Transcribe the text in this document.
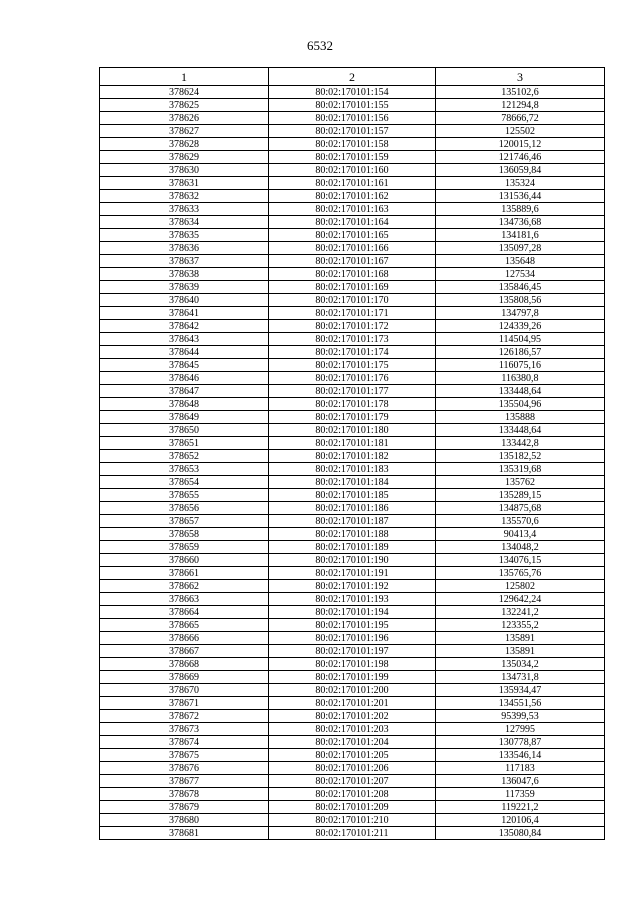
6532
1	2	3
378624	80:02:170101:154	135102,6
378625	80:02:170101:155	121294,8
378626	80:02:170101:156	78666,72
378627	80:02:170101:157	125502
378628	80:02:170101:158	120015,12
378629	80:02:170101:159	121746,46
378630	80:02:170101:160	136059,84
378631	80:02:170101:161	135324
378632	80:02:170101:162	131536,44
378633	80:02:170101:163	135889,6
378634	80:02:170101:164	134736,68
378635	80:02:170101:165	134181,6
378636	80:02:170101:166	135097,28
378637	80:02:170101:167	135648
378638	80:02:170101:168	127534
378639	80:02:170101:169	135846,45
378640	80:02:170101:170	135808,56
378641	80:02:170101:171	134797,8
378642	80:02:170101:172	124339,26
378643	80:02:170101:173	114504,95
378644	80:02:170101:174	126186,57
378645	80:02:170101:175	116075,16
378646	80:02:170101:176	116380,8
378647	80:02:170101:177	133448,64
378648	80:02:170101:178	135504,96
378649	80:02:170101:179	135888
378650	80:02:170101:180	133448,64
378651	80:02:170101:181	133442,8
378652	80:02:170101:182	135182,52
378653	80:02:170101:183	135319,68
378654	80:02:170101:184	135762
378655	80:02:170101:185	135289,15
378656	80:02:170101:186	134875,68
378657	80:02:170101:187	135570,6
378658	80:02:170101:188	90413,4
378659	80:02:170101:189	134048,2
378660	80:02:170101:190	134076,15
378661	80:02:170101:191	135765,76
378662	80:02:170101:192	125802
378663	80:02:170101:193	129642,24
378664	80:02:170101:194	132241,2
378665	80:02:170101:195	123355,2
378666	80:02:170101:196	135891
378667	80:02:170101:197	135891
378668	80:02:170101:198	135034,2
378669	80:02:170101:199	134731,8
378670	80:02:170101:200	135934,47
378671	80:02:170101:201	134551,56
378672	80:02:170101:202	95399,53
378673	80:02:170101:203	127995
378674	80:02:170101:204	130778,87
378675	80:02:170101:205	133546,14
378676	80:02:170101:206	117183
378677	80:02:170101:207	136047,6
378678	80:02:170101:208	117359
378679	80:02:170101:209	119221,2
378680	80:02:170101:210	120106,4
378681	80:02:170101:211	135080,84
